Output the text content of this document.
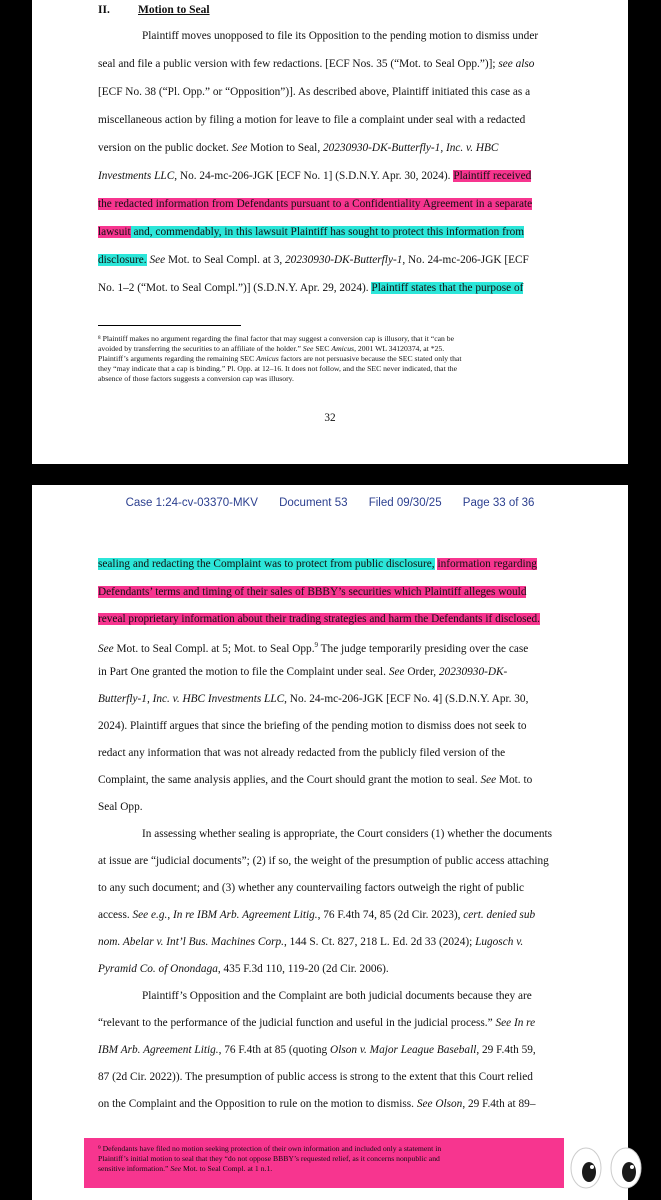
II. Motion to Seal
Plaintiff moves unopposed to file its Opposition to the pending motion to dismiss under
seal and file a public version with few redactions. [ECF Nos. 35 (“Mot. to Seal Opp.”)]; see also
[ECF No. 38 (“Pl. Opp.” or “Opposition”)]. As described above, Plaintiff initiated this case as a
miscellaneous action by filing a motion for leave to file a complaint under seal with a redacted
version on the public docket. See Motion to Seal, 20230930-DK-Butterfly-1, Inc. v. HBC
Investments LLC, No. 24-mc-206-JGK [ECF No. 1] (S.D.N.Y. Apr. 30, 2024). Plaintiff received
the redacted information from Defendants pursuant to a Confidentiality Agreement in a separate
lawsuit and, commendably, in this lawsuit Plaintiff has sought to protect this information from
disclosure. See Mot. to Seal Compl. at 3, 20230930-DK-Butterfly-1, No. 24-mc-206-JGK [ECF
No. 1–2 (“Mot. to Seal Compl.”)] (S.D.N.Y. Apr. 29, 2024). Plaintiff states that the purpose of
⁸ Plaintiff makes no argument regarding the final factor that may suggest a conversion cap is illusory, that it “can be
avoided by transferring the securities to an affiliate of the holder.” See SEC Amicus, 2001 WL 34120374, at *25.
Plaintiff’s arguments regarding the remaining SEC Amicus factors are not persuasive because the SEC stated only that
they “may indicate that a cap is binding.” Pl. Opp. at 12–16. It does not follow, and the SEC never indicated, that the
absence of those factors suggests a conversion cap was illusory.
32
Case 1:24-cv-03370-MKV Document 53 Filed 09/30/25 Page 33 of 36
sealing and redacting the Complaint was to protect from public disclosure, information regarding
Defendants’ terms and timing of their sales of BBBY’s securities which Plaintiff alleges would
reveal proprietary information about their trading strategies and harm the Defendants if disclosed.
See Mot. to Seal Compl. at 5; Mot. to Seal Opp.$^9$ The judge temporarily presiding over the case
in Part One granted the motion to file the Complaint under seal. See Order, 20230930-DK-
Butterfly-1, Inc. v. HBC Investments LLC, No. 24-mc-206-JGK [ECF No. 4] (S.D.N.Y. Apr. 30,
2024). Plaintiff argues that since the briefing of the pending motion to dismiss does not seek to
redact any information that was not already redacted from the publicly filed version of the
Complaint, the same analysis applies, and the Court should grant the motion to seal. See Mot. to
Seal Opp.
In assessing whether sealing is appropriate, the Court considers (1) whether the documents
at issue are “judicial documents”; (2) if so, the weight of the presumption of public access attaching
to any such document; and (3) whether any countervailing factors outweigh the right of public
access. See e.g., In re IBM Arb. Agreement Litig., 76 F.4th 74, 85 (2d Cir. 2023), cert. denied sub
nom. Abelar v. Int’l Bus. Machines Corp., 144 S. Ct. 827, 218 L. Ed. 2d 33 (2024); Lugosch v.
Pyramid Co. of Onondaga, 435 F.3d 110, 119-20 (2d Cir. 2006).
Plaintiff’s Opposition and the Complaint are both judicial documents because they are
“relevant to the performance of the judicial function and useful in the judicial process.” See In re
IBM Arb. Agreement Litig., 76 F.4th at 85 (quoting Olson v. Major League Baseball, 29 F.4th 59,
87 (2d Cir. 2022)). The presumption of public access is strong to the extent that this Court relied
on the Complaint and the Opposition to rule on the motion to dismiss. See Olson, 29 F.4th at 89–
⁹ Defendants have filed no motion seeking protection of their own information and included only a statement in
Plaintiff’s initial motion to seal that they “do not oppose BBBY’s requested relief, as it concerns nonpublic and
sensitive information.” See Mot. to Seal Compl. at 1 n.1.
